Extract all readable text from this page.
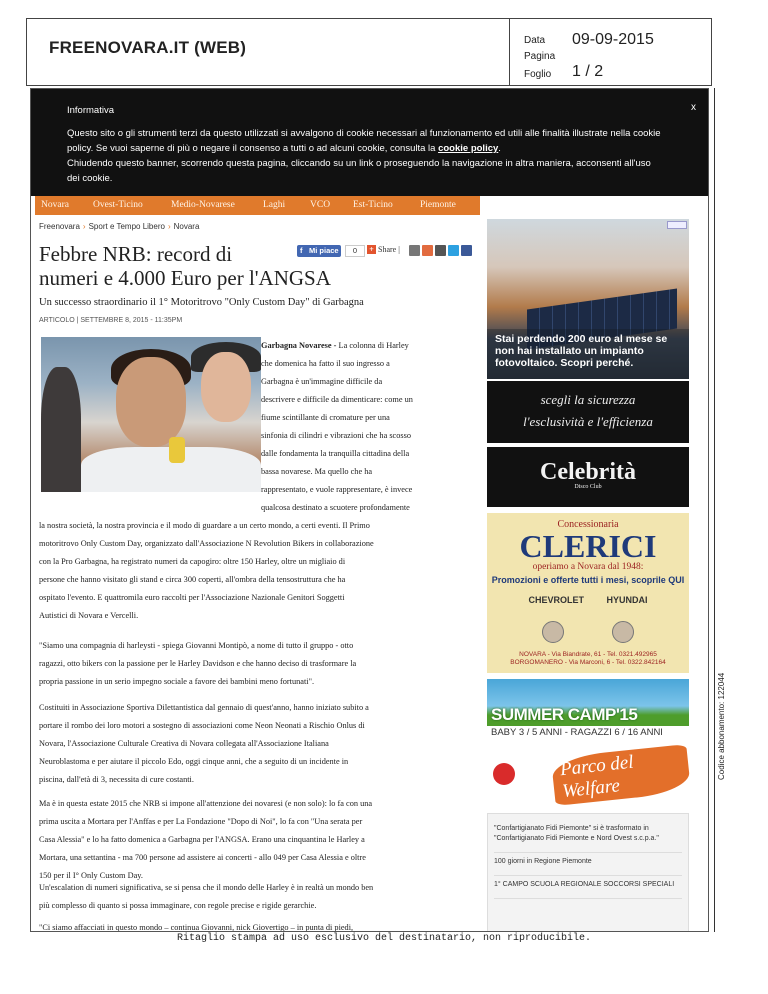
FREENOVARA.IT (WEB)	Data 09-09-2015
Pagina
Foglio 1 / 2
Informativa	x
Questo sito o gli strumenti terzi da questo utilizzati si avvalgono di cookie necessari al funzionamento ed utili alle finalità illustrate nella cookie
policy. Se vuoi saperne di più o negare il consenso a tutti o ad alcuni cookie, consulta la cookie policy.
Chiudendo questo banner, scorrendo questa pagina, cliccando su un link o proseguendo la navigazione in altra maniera, acconsenti all'uso
dei cookie.
Novara	Ovest-Ticino	Medio-Novarese	Laghi	VCO Est-Ticino	Piemonte
Freenovara › Sport e Tempo Libero › Novara
Febbre NRB: record di
numeri e 4.000 Euro per l'ANGSA
f Mi piace	0
+	Share |
Un successo straordinario il 1° Motoritrovo "Only Custom Day" di Garbagna
ARTICOLO | SETTEMBRE 8, 2015 - 11:35PM
Garbagna Novarese - La colonna di Harley
che domenica ha fatto il suo ingresso a
Garbagna è un'immagine difficile da
descrivere e difficile da dimenticare: come un
fiume scintillante di cromature per una
sinfonia di cilindri e vibrazioni che ha scosso
dalle fondamenta la tranquilla cittadina della
bassa novarese. Ma quello che ha
rappresentato, e vuole rappresentare, è invece
qualcosa destinato a scuotere profondamente
la nostra società, la nostra provincia e il modo di guardare a un certo mondo, a certi eventi. Il Primo
motoritrovo Only Custom Day, organizzato dall'Associazione N Revolution Bikers in collaborazione
con la Pro Garbagna, ha registrato numeri da capogiro: oltre 150 Harley, oltre un migliaio di
persone che hanno visitato gli stand e circa 300 coperti, all'ombra della tensostruttura che ha
ospitato l'evento. E quattromila euro raccolti per l'Associazione Nazionale Genitori Soggetti
Autistici di Novara e Vercelli.
"Siamo una compagnia di harleysti - spiega Giovanni Montipò, a nome di tutto il gruppo - otto
ragazzi, otto bikers con la passione per le Harley Davidson e che hanno deciso di trasformare la
propria passione in un serio impegno sociale a favore dei bambini meno fortunati".
Costituiti in Associazione Sportiva Dilettantistica dal gennaio di quest'anno, hanno iniziato subito a
portare il rombo dei loro motori a sostegno di associazioni come Neon Neonati a Rischio Onlus di
Novara, l'Associazione Culturale Creativa di Novara collegata all'Associazione Italiana
Neuroblastoma e per aiutare il piccolo Edo, oggi cinque anni, che a seguito di un incidente in
piscina, dall'età di 3, necessita di cure costanti.
Ma è in questa estate 2015 che NRB si impone all'attenzione dei novaresi (e non solo): lo fa con una
prima uscita a Mortara per l'Anffas e per La Fondazione "Dopo di Noi", lo fa con "Una serata per
Casa Alessia" e lo ha fatto domenica a Garbagna per l'ANGSA. Erano una cinquantina le Harley a
Mortara, una settantina - ma 700 persone ad assistere ai concerti - allo 049 per Casa Alessia e oltre
150 per il I° Only Custom Day.
Un'escalation di numeri significativa, se si pensa che il mondo delle Harley è in realtà un mondo ben
più complesso di quanto si possa immaginare, con regole precise e rigide gerarchie.
"Ci siamo affacciati in questo mondo – continua Giovanni, nick Giovertigo – in punta di piedi,
Stai perdendo 200 euro al mese se non hai installato un impianto fotovoltaico. Scopri perché.
scegli la sicurezza
l'esclusività e l'efficienza
Celebrità
Disco Club
Concessionaria
CLERICI
operiamo a Novara dal 1948:
Promozioni e offerte tutti i mesi, scoprile QUI
CHEVROLET	HYUNDAI
NOVARA - Via Biandrate, 61 - Tel. 0321.492965
BORGOMANERO - Via Marconi, 6 - Tel. 0322.842164
SUMMER CAMP'15
BABY 3 / 5 ANNI - RAGAZZI 6 / 16 ANNI
Parco del Welfare
"Confartigianato Fidi Piemonte" si è trasformato in "Confartigianato Fidi Piemonte e Nord Ovest s.c.p.a."
100 giorni in Regione Piemonte
1° CAMPO SCUOLA REGIONALE SOCCORSI SPECIALI
Codice abbonamento: 122044
Ritaglio stampa ad uso esclusivo del destinatario, non riproducibile.
